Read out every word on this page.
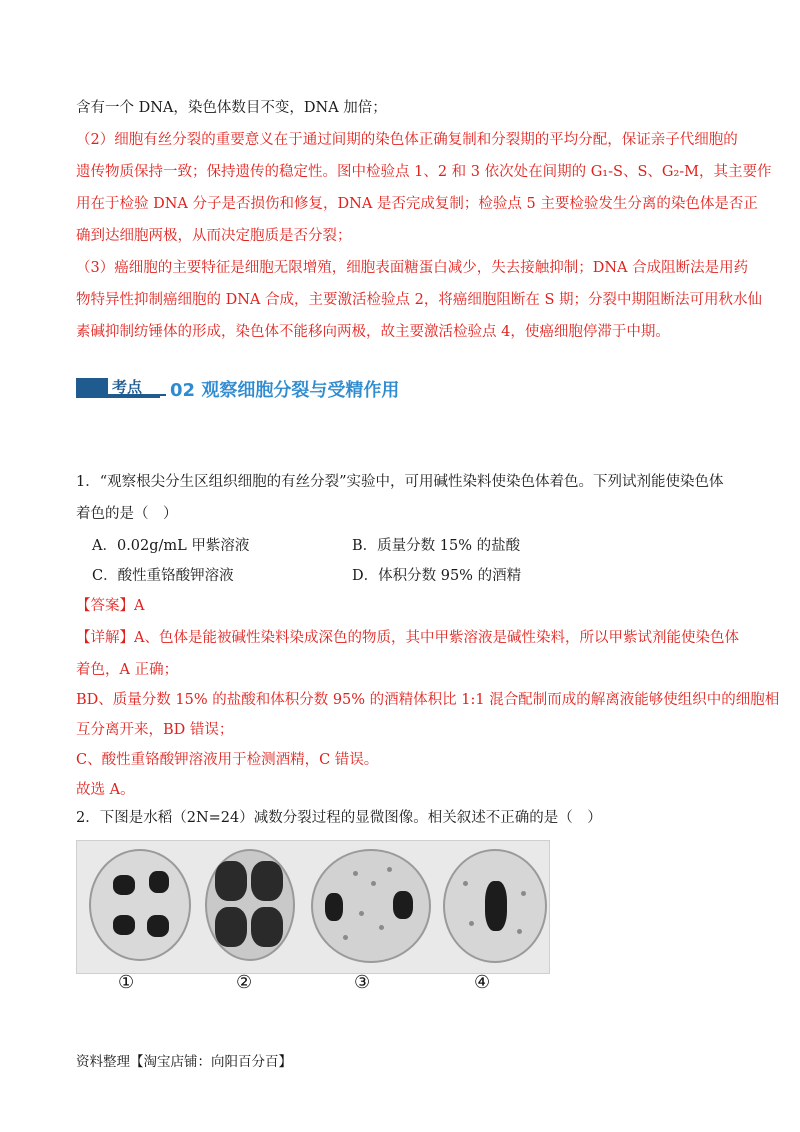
含有一个 DNA，染色体数目不变，DNA 加倍；
（2）细胞有丝分裂的重要意义在于通过间期的染色体正确复制和分裂期的平均分配，保证亲子代细胞的
遗传物质保持一致；保持遗传的稳定性。图中检验点 1、2 和 3 依次处在间期的 G₁-S、S、G₂-M，其主要作
用在于检验 DNA 分子是否损伤和修复，DNA 是否完成复制；检验点 5 主要检验发生分离的染色体是否正
确到达细胞两极，从而决定胞质是否分裂；
（3）癌细胞的主要特征是细胞无限增殖，细胞表面糖蛋白减少，失去接触抑制；DNA 合成阻断法是用药
物特异性抑制癌细胞的 DNA 合成，主要激活检验点 2，将癌细胞阻断在 S 期；分裂中期阻断法可用秋水仙
素碱抑制纺锤体的形成，染色体不能移向两极，故主要激活检验点 4，使癌细胞停滞于中期。
考点	02 观察细胞分裂与受精作用
1．“观察根尖分生区组织细胞的有丝分裂”实验中，可用碱性染料使染色体着色。下列试剂能使染色体
着色的是（　）
A．0.02g/mL 甲紫溶液	B．质量分数 15% 的盐酸
C．酸性重铬酸钾溶液	D．体积分数 95% 的酒精
【答案】A
【详解】A、色体是能被碱性染料染成深色的物质，其中甲紫溶液是碱性染料，所以甲紫试剂能使染色体
着色，A 正确；
BD、质量分数 15% 的盐酸和体积分数 95% 的酒精体积比 1:1 混合配制而成的解离液能够使组织中的细胞相
互分离开来，BD 错误；
C、酸性重铬酸钾溶液用于检测酒精，C 错误。
故选 A。
2．下图是水稻（2N=24）减数分裂过程的显微图像。相关叙述不正确的是（　）
①	②	③	④
资料整理【淘宝店铺：向阳百分百】
